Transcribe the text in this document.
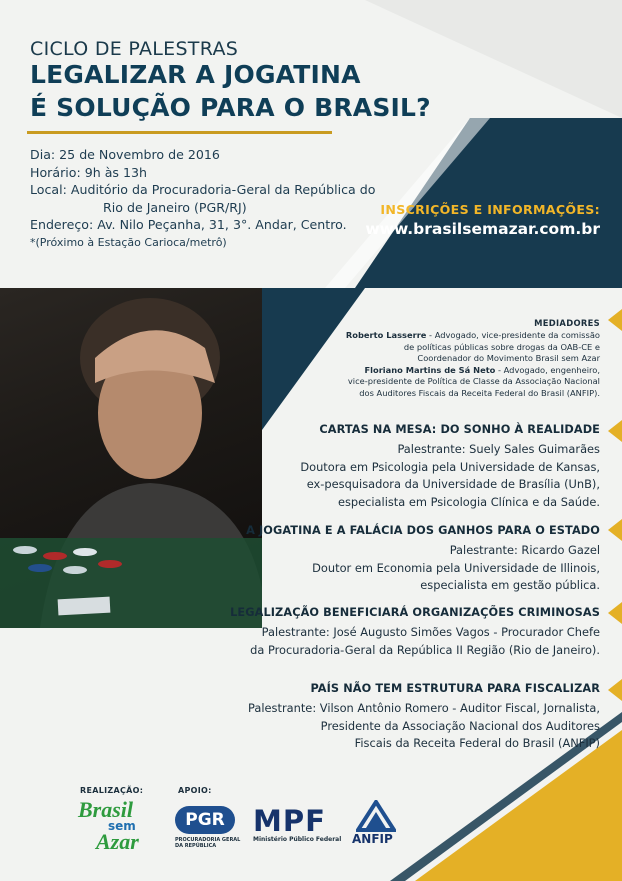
CICLO DE PALESTRAS
LEGALIZAR A JOGATINA
É SOLUÇÃO PARA O BRASIL?
Dia: 25 de Novembro de 2016
Horário: 9h às 13h
Local: Auditório da Procuradoria-Geral da República do
Rio de Janeiro (PGR/RJ)
Endereço: Av. Nilo Peçanha, 31, 3°. Andar, Centro.
*(Próximo à Estação Carioca/metrô)
INSCRIÇÕES E INFORMAÇÕES:
www.brasilsemazar.com.br
MEDIADORES
Roberto Lasserre - Advogado, vice-presidente da comissão
de políticas públicas sobre drogas da OAB-CE e
Coordenador do Movimento Brasil sem Azar
Floriano Martins de Sá Neto - Advogado, engenheiro,
vice-presidente de Política de Classe da Associação Nacional
dos Auditores Fiscais da Receita Federal do Brasil (ANFIP).
CARTAS NA MESA: DO SONHO À REALIDADE
Palestrante: Suely Sales Guimarães
Doutora em Psicologia pela Universidade de Kansas,
ex-pesquisadora da Universidade de Brasília (UnB),
especialista em Psicologia Clínica e da Saúde.
A JOGATINA E A FALÁCIA DOS GANHOS PARA O ESTADO
Palestrante: Ricardo Gazel
Doutor em Economia pela Universidade de Illinois,
especialista em gestão pública.
LEGALIZAÇÃO BENEFICIARÁ ORGANIZAÇÕES CRIMINOSAS
Palestrante: José Augusto Simões Vagos - Procurador Chefe
da Procuradoria-Geral da República II Região (Rio de Janeiro).
PAÍS NÃO TEM ESTRUTURA PARA FISCALIZAR
Palestrante: Vilson Antônio Romero - Auditor Fiscal, Jornalista,
Presidente da Associação Nacional dos Auditores
Fiscais da Receita Federal do Brasil (ANFIP)
REALIZAÇÃO:	APOIO:
Brasil
sem
Azar
PGR
PROCURADORIA GERAL
DA REPÚBLICA
MPF
Ministério Público Federal ANFIP
